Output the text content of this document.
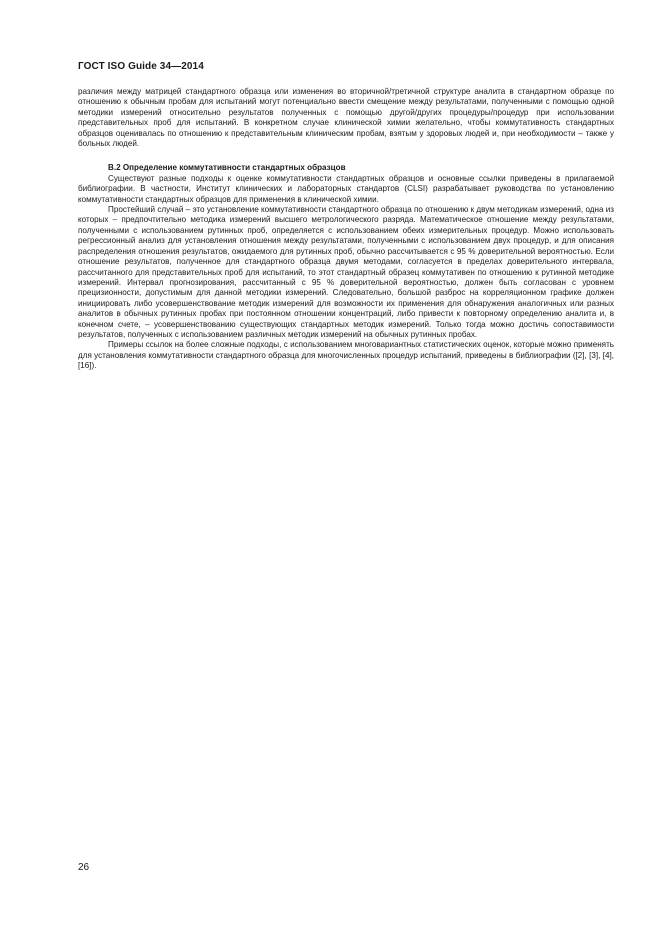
ГОСТ ISO Guide 34—2014

различия между матрицей стандартного образца или изменения во вторичной/третичной структуре аналита в стандартном образце по отношению к обычным пробам для испытаний могут потенциально ввести смещение между результатами, полученными с помощью одной методики измерений относительно результатов полученных с помощью другой/других процедуры/процедур при использовании представительных проб для испытаний. В конкретном случае клинической химии желательно, чтобы коммутативность стандартных образцов оценивалась по отношению к представительным клиническим пробам, взятым у здоровых людей и, при необходимости – также у больных людей.

B.2 Определение коммутативности стандартных образцов

Существуют разные подходы к оценке коммутативности стандартных образцов и основные ссылки приведены в прилагаемой библиографии. В частности, Институт клинических и лабораторных стандартов (CLSI) разрабатывает руководства по установлению коммутативности стандартных образцов для применения в клинической химии.

Простейший случай – это установление коммутативности стандартного образца по отношению к двум методикам измерений, одна из которых – предпочтительно методика измерений высшего метрологического разряда. Математическое отношение между результатами, полученными с использованием рутинных проб, определяется с использованием обеих измерительных процедур. Можно использовать регрессионный анализ для установления отношения между результатами, полученными с использованием двух процедур, и для описания распределения отношения результатов, ожидаемого для рутинных проб, обычно рассчитывается с 95 % доверительной вероятностью. Если отношение результатов, полученное для стандартного образца двумя методами, согласуется в пределах доверительного интервала, рассчитанного для представительных проб для испытаний, то этот стандартный образец коммутативен по отношению к рутинной методике измерений. Интервал прогнозирования, рассчитанный с 95 % доверительной вероятностью, должен быть согласован с уровнем прецизионности, допустимым для данной методики измерений. Следовательно, большой разброс на корреляционном графике должен инициировать либо усовершенствование методик измерений для возможности их применения для обнаружения аналогичных или разных аналитов в обычных рутинных пробах при постоянном отношении концентраций, либо привести к повторному определению аналита и, в конечном счете, – усовершенствованию существующих стандартных методик измерений. Только тогда можно достичь сопоставимости результатов, полученных с использованием различных методик измерений на обычных рутинных пробах.

Примеры ссылок на более сложные подходы, с использованием многовариантных статистических оценок, которые можно применять для установления коммутативности стандартного образца для многочисленных процедур испытаний, приведены в библиографии ([2], [3], [4], [16]).

26
